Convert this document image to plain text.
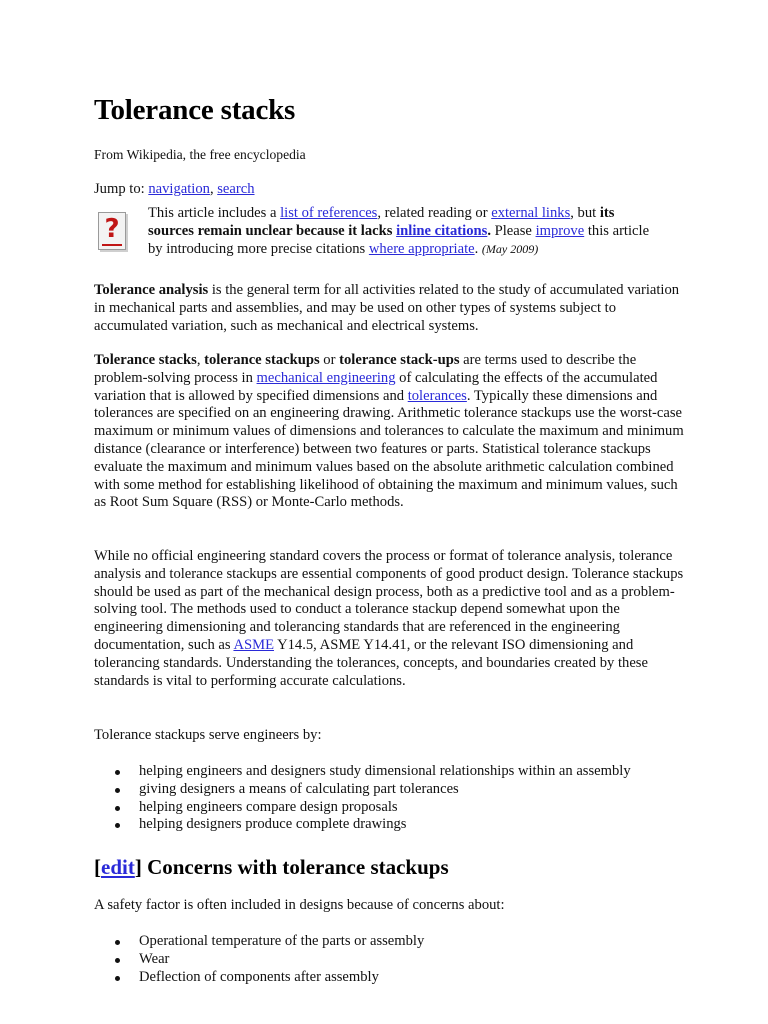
Tolerance stacks

From Wikipedia, the free encyclopedia

Jump to: navigation, search

?

This article includes a list of references, related reading or external links, but its sources remain unclear because it lacks inline citations. Please improve this article by introducing more precise citations where appropriate. (May 2009)

Tolerance analysis is the general term for all activities related to the study of accumulated variation in mechanical parts and assemblies, and may be used on other types of systems subject to accumulated variation, such as mechanical and electrical systems.

Tolerance stacks, tolerance stackups or tolerance stack-ups are terms used to describe the problem-solving process in mechanical engineering of calculating the effects of the accumulated variation that is allowed by specified dimensions and tolerances. Typically these dimensions and tolerances are specified on an engineering drawing. Arithmetic tolerance stackups use the worst-case maximum or minimum values of dimensions and tolerances to calculate the maximum and minimum distance (clearance or interference) between two features or parts. Statistical tolerance stackups evaluate the maximum and minimum values based on the absolute arithmetic calculation combined with some method for establishing likelihood of obtaining the maximum and minimum values, such as Root Sum Square (RSS) or Monte-Carlo methods.

While no official engineering standard covers the process or format of tolerance analysis, tolerance analysis and tolerance stackups are essential components of good product design. Tolerance stackups should be used as part of the mechanical design process, both as a predictive tool and as a problem-solving tool. The methods used to conduct a tolerance stackup depend somewhat upon the engineering dimensioning and tolerancing standards that are referenced in the engineering documentation, such as ASME Y14.5, ASME Y14.41, or the relevant ISO dimensioning and tolerancing standards. Understanding the tolerances, concepts, and boundaries created by these standards is vital to performing accurate calculations.

Tolerance stackups serve engineers by:

helping engineers and designers study dimensional relationships within an assembly
giving designers a means of calculating part tolerances
helping engineers compare design proposals
helping designers produce complete drawings
[edit] Concerns with tolerance stackups

A safety factor is often included in designs because of concerns about:

Operational temperature of the parts or assembly
Wear
Deflection of components after assembly
